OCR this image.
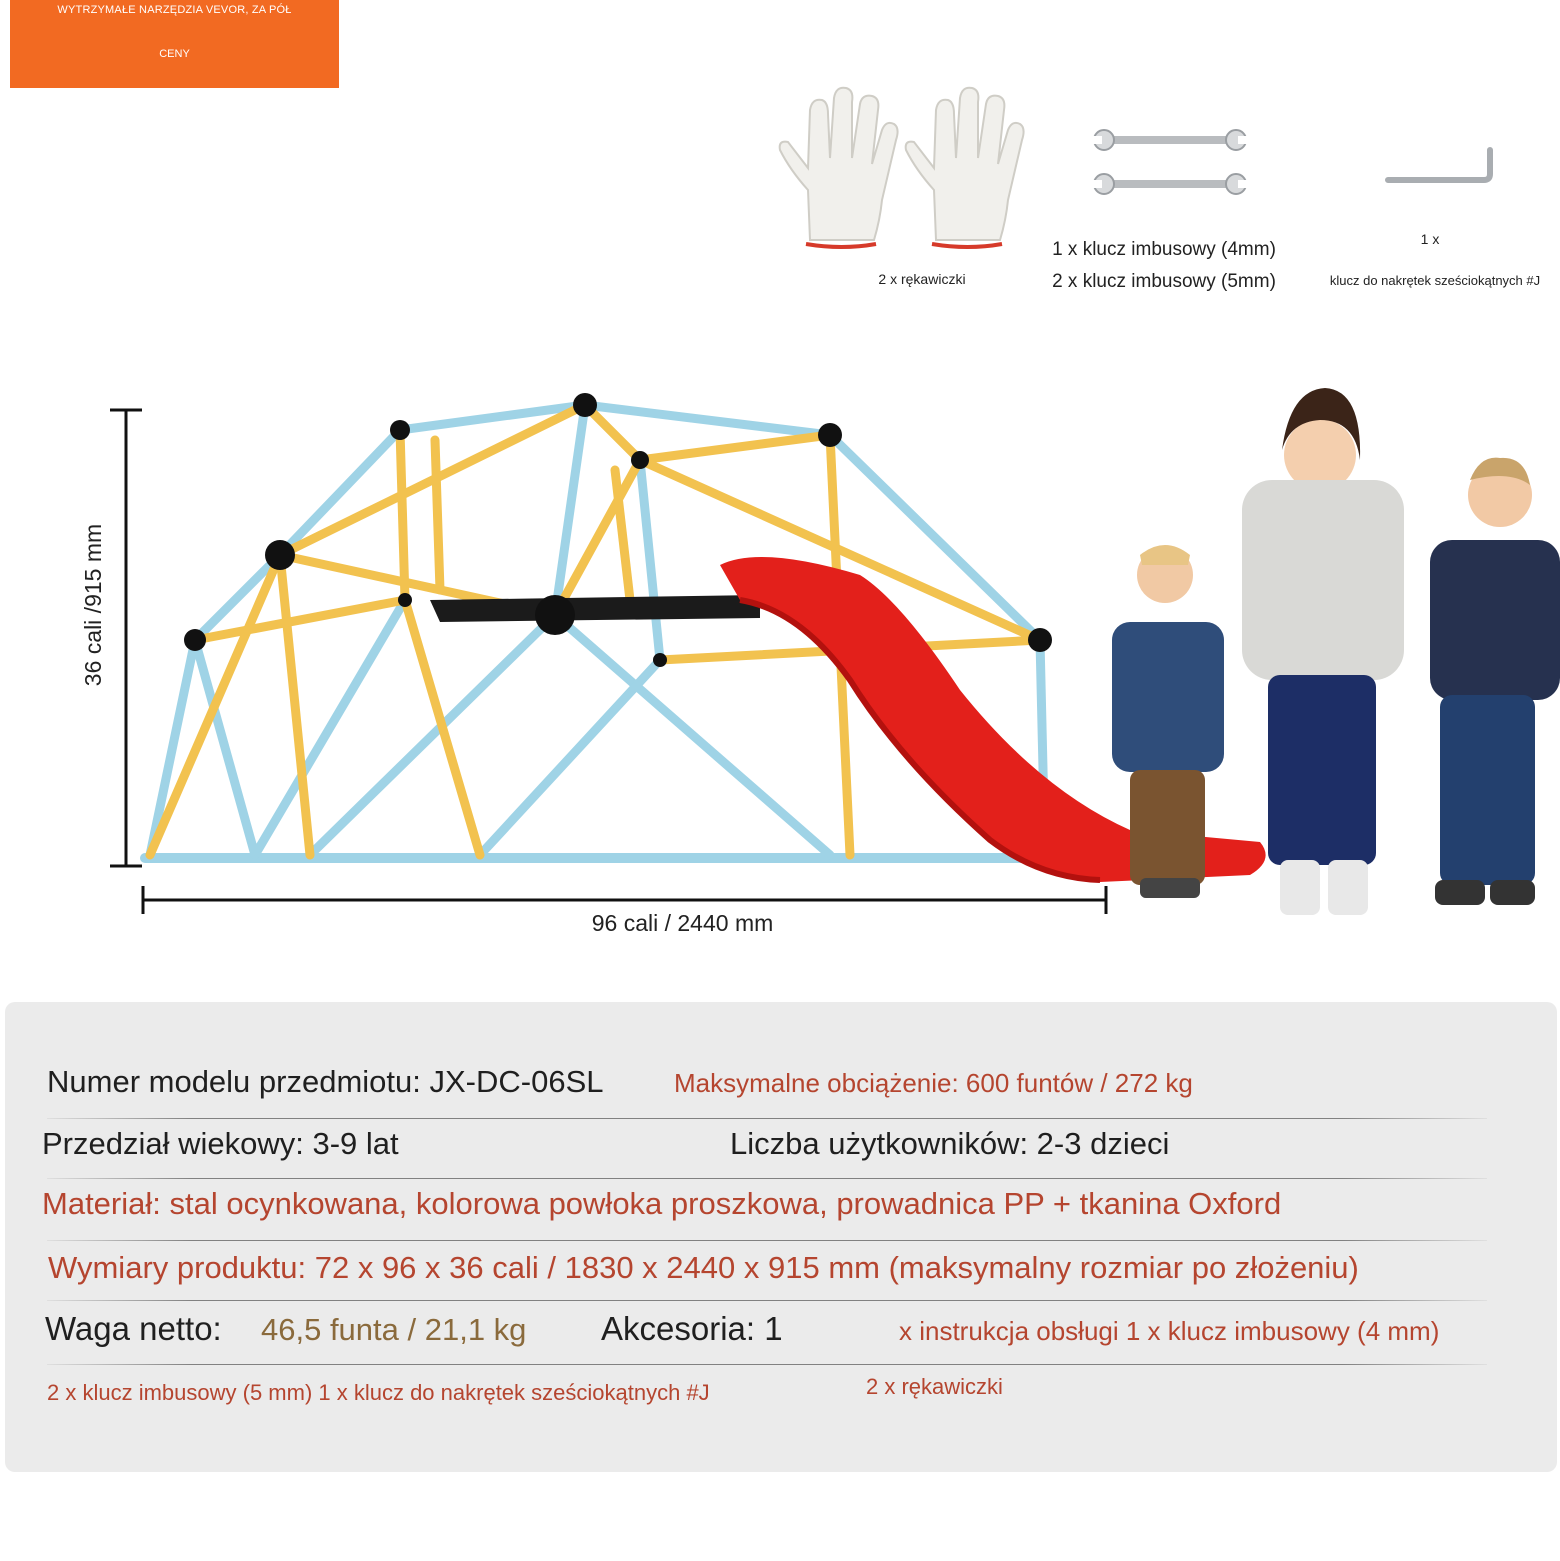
WYTRZYMAŁE NARZĘDZIA VEVOR, ZA PÓŁ
CENY
2 x rękawiczki
1 x klucz imbusowy (4mm)
2 x klucz imbusowy (5mm)
1 x
klucz do nakrętek sześciokątnych #J
36 cali /915 mm
96 cali / 2440 mm
Numer modelu przedmiotu: JX-DC-06SL	Maksymalne obciążenie: 600 funtów / 272 kg
Przedział wiekowy: 3-9 lat	Liczba użytkowników: 2-3 dzieci
Materiał: stal ocynkowana, kolorowa powłoka proszkowa, prowadnica PP + tkanina Oxford
Wymiary produktu: 72 x 96 x 36 cali / 1830 x 2440 x 915 mm (maksymalny rozmiar po złożeniu)
Waga netto: 46,5 funta / 21,1 kg Akcesoria: 1	x instrukcja obsługi 1 x klucz imbusowy (4 mm)
2 x klucz imbusowy (5 mm) 1 x klucz do nakrętek sześciokątnych #J	2 x rękawiczki
